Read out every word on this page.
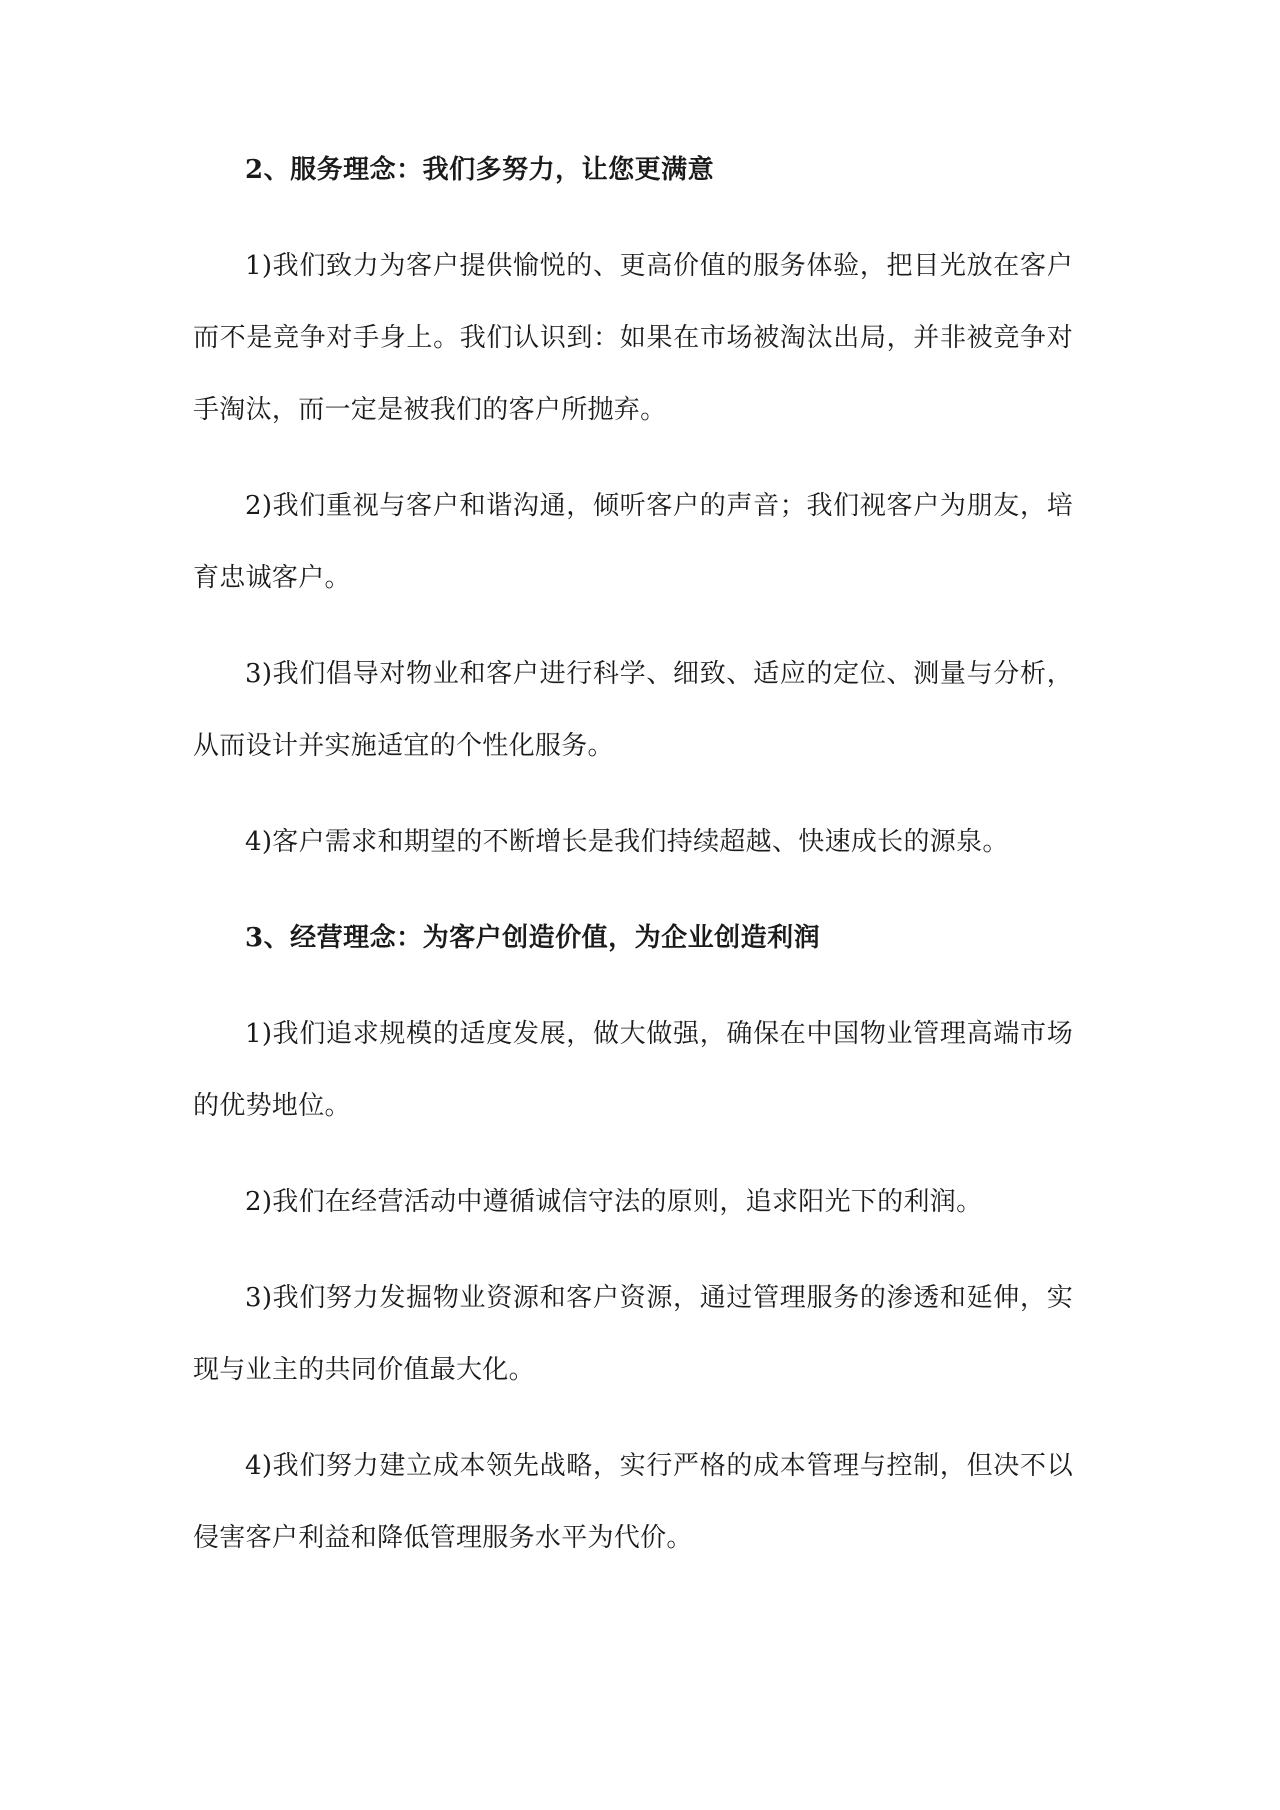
2、服务理念：我们多努力，让您更满意

1)我们致力为客户提供愉悦的、更高价值的服务体验，把目光放在客户而不是竞争对手身上。我们认识到：如果在市场被淘汰出局，并非被竞争对手淘汰，而一定是被我们的客户所抛弃。

2)我们重视与客户和谐沟通，倾听客户的声音；我们视客户为朋友，培育忠诚客户。

3)我们倡导对物业和客户进行科学、细致、适应的定位、测量与分析，从而设计并实施适宜的个性化服务。

4)客户需求和期望的不断增长是我们持续超越、快速成长的源泉。

3、经营理念：为客户创造价值，为企业创造利润

1)我们追求规模的适度发展，做大做强，确保在中国物业管理高端市场的优势地位。

2)我们在经营活动中遵循诚信守法的原则，追求阳光下的利润。

3)我们努力发掘物业资源和客户资源，通过管理服务的渗透和延伸，实现与业主的共同价值最大化。

4)我们努力建立成本领先战略，实行严格的成本管理与控制，但决不以侵害客户利益和降低管理服务水平为代价。
